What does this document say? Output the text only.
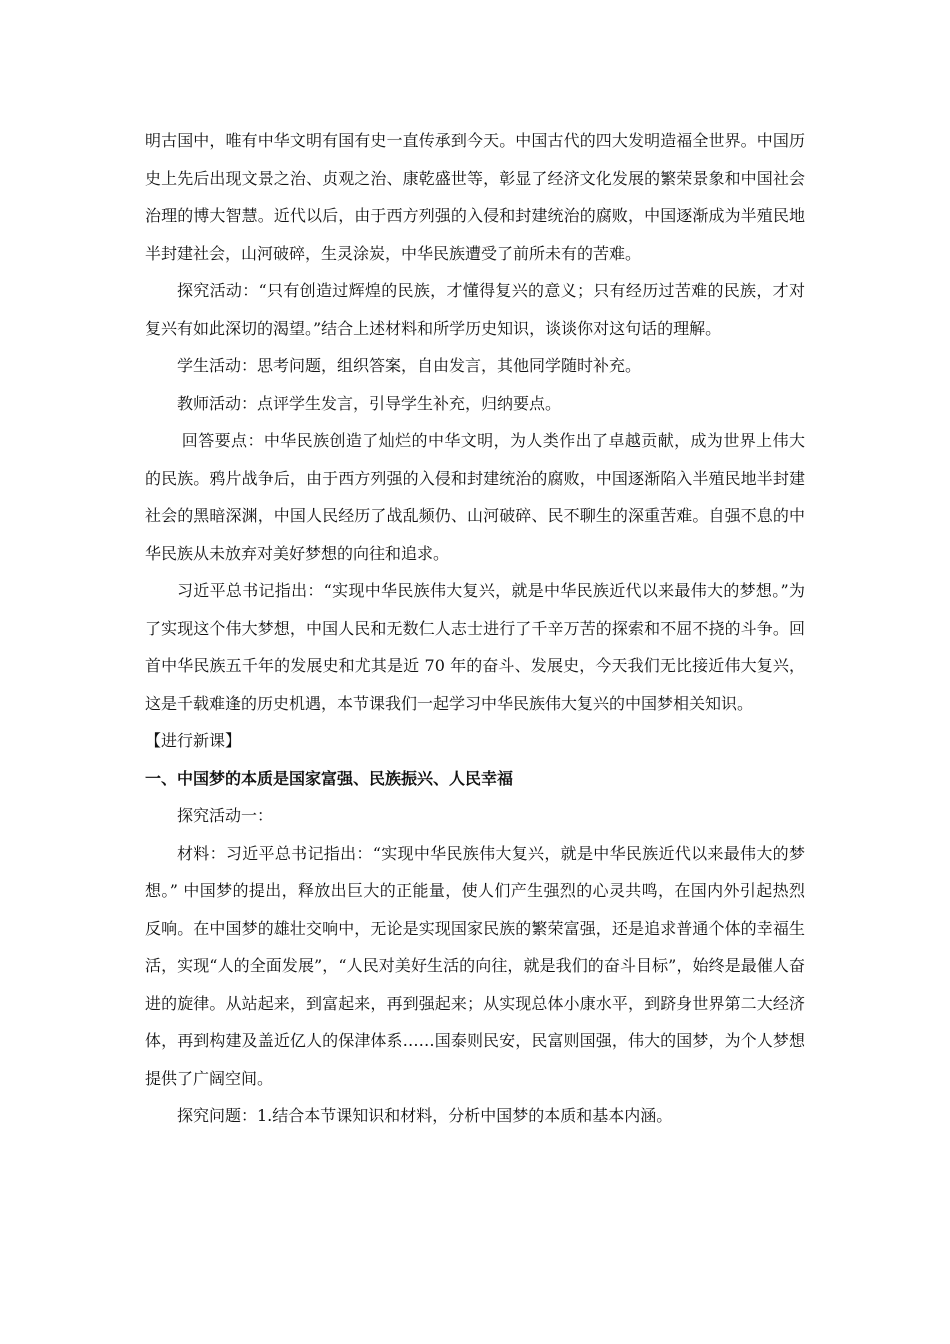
明古国中，唯有中华文明有国有史一直传承到今天。中国古代的四大发明造福全世界。中国历史上先后出现文景之治、贞观之治、康乾盛世等，彰显了经济文化发展的繁荣景象和中国社会治理的博大智慧。近代以后，由于西方列强的入侵和封建统治的腐败，中国逐渐成为半殖民地半封建社会，山河破碎，生灵涂炭，中华民族遭受了前所未有的苦难。

探究活动：“只有创造过辉煌的民族，才懂得复兴的意义；只有经历过苦难的民族，才对复兴有如此深切的渴望。”结合上述材料和所学历史知识，谈谈你对这句话的理解。

学生活动：思考问题，组织答案，自由发言，其他同学随时补充。

教师活动：点评学生发言，引导学生补充，归纳要点。

回答要点：中华民族创造了灿烂的中华文明，为人类作出了卓越贡献，成为世界上伟大的民族。鸦片战争后，由于西方列强的入侵和封建统治的腐败，中国逐渐陷入半殖民地半封建社会的黑暗深渊，中国人民经历了战乱频仍、山河破碎、民不聊生的深重苦难。自强不息的中华民族从未放弃对美好梦想的向往和追求。

习近平总书记指出：“实现中华民族伟大复兴，就是中华民族近代以来最伟大的梦想。”为了实现这个伟大梦想，中国人民和无数仁人志士进行了千辛万苦的探索和不屈不挠的斗争。回首中华民族五千年的发展史和尤其是近 70 年的奋斗、发展史，今天我们无比接近伟大复兴，这是千载难逢的历史机遇，本节课我们一起学习中华民族伟大复兴的中国梦相关知识。

【进行新课】

一、中国梦的本质是国家富强、民族振兴、人民幸福

探究活动一：

材料：习近平总书记指出：“实现中华民族伟大复兴，就是中华民族近代以来最伟大的梦想。” 中国梦的提出，释放出巨大的正能量，使人们产生强烈的心灵共鸣，在国内外引起热烈反响。在中国梦的雄壮交响中，无论是实现国家民族的繁荣富强，还是追求普通个体的幸福生活，实现“人的全面发展”，“人民对美好生活的向往，就是我们的奋斗目标”，始终是最催人奋进的旋律。从站起来，到富起来，再到强起来；从实现总体小康水平，到跻身世界第二大经济体，再到构建及盖近亿人的保津体系……国泰则民安，民富则国强，伟大的国梦，为个人梦想提供了广阔空间。

探究问题：1.结合本节课知识和材料，分析中国梦的本质和基本内涵。
